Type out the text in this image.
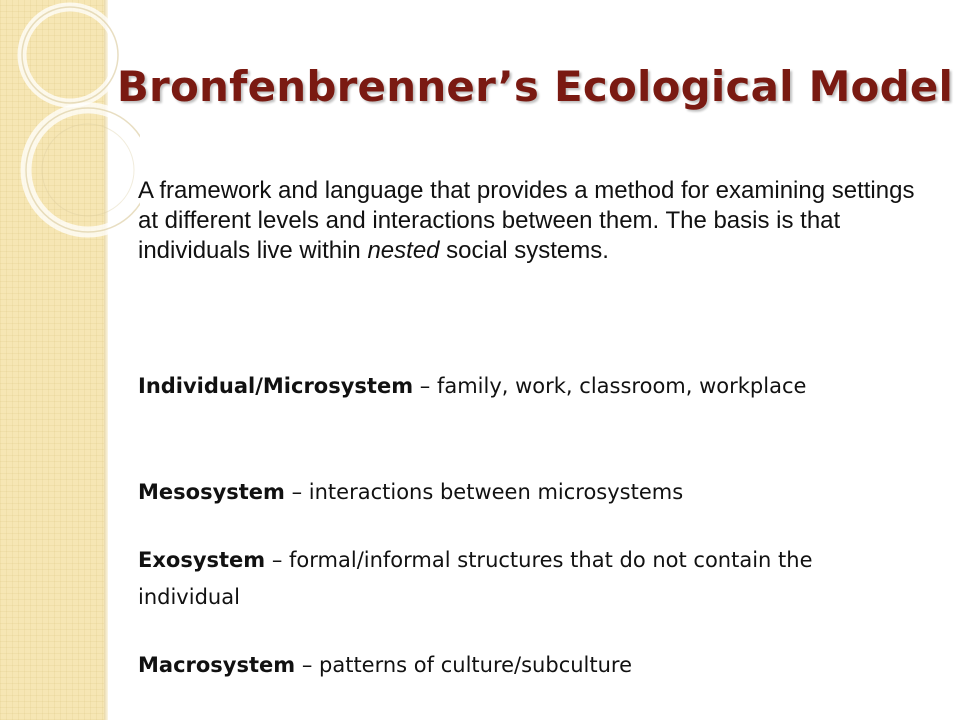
Bronfenbrenner’s Ecological Model

A framework and language that provides a method for examining settings at different levels and interactions between them. The basis is that individuals live within nested social systems.

Individual/Microsystem – family, work, classroom, workplace

Mesosystem – interactions between microsystems

Exosystem – formal/informal structures that do not contain the individual

Macrosystem – patterns of culture/subculture
